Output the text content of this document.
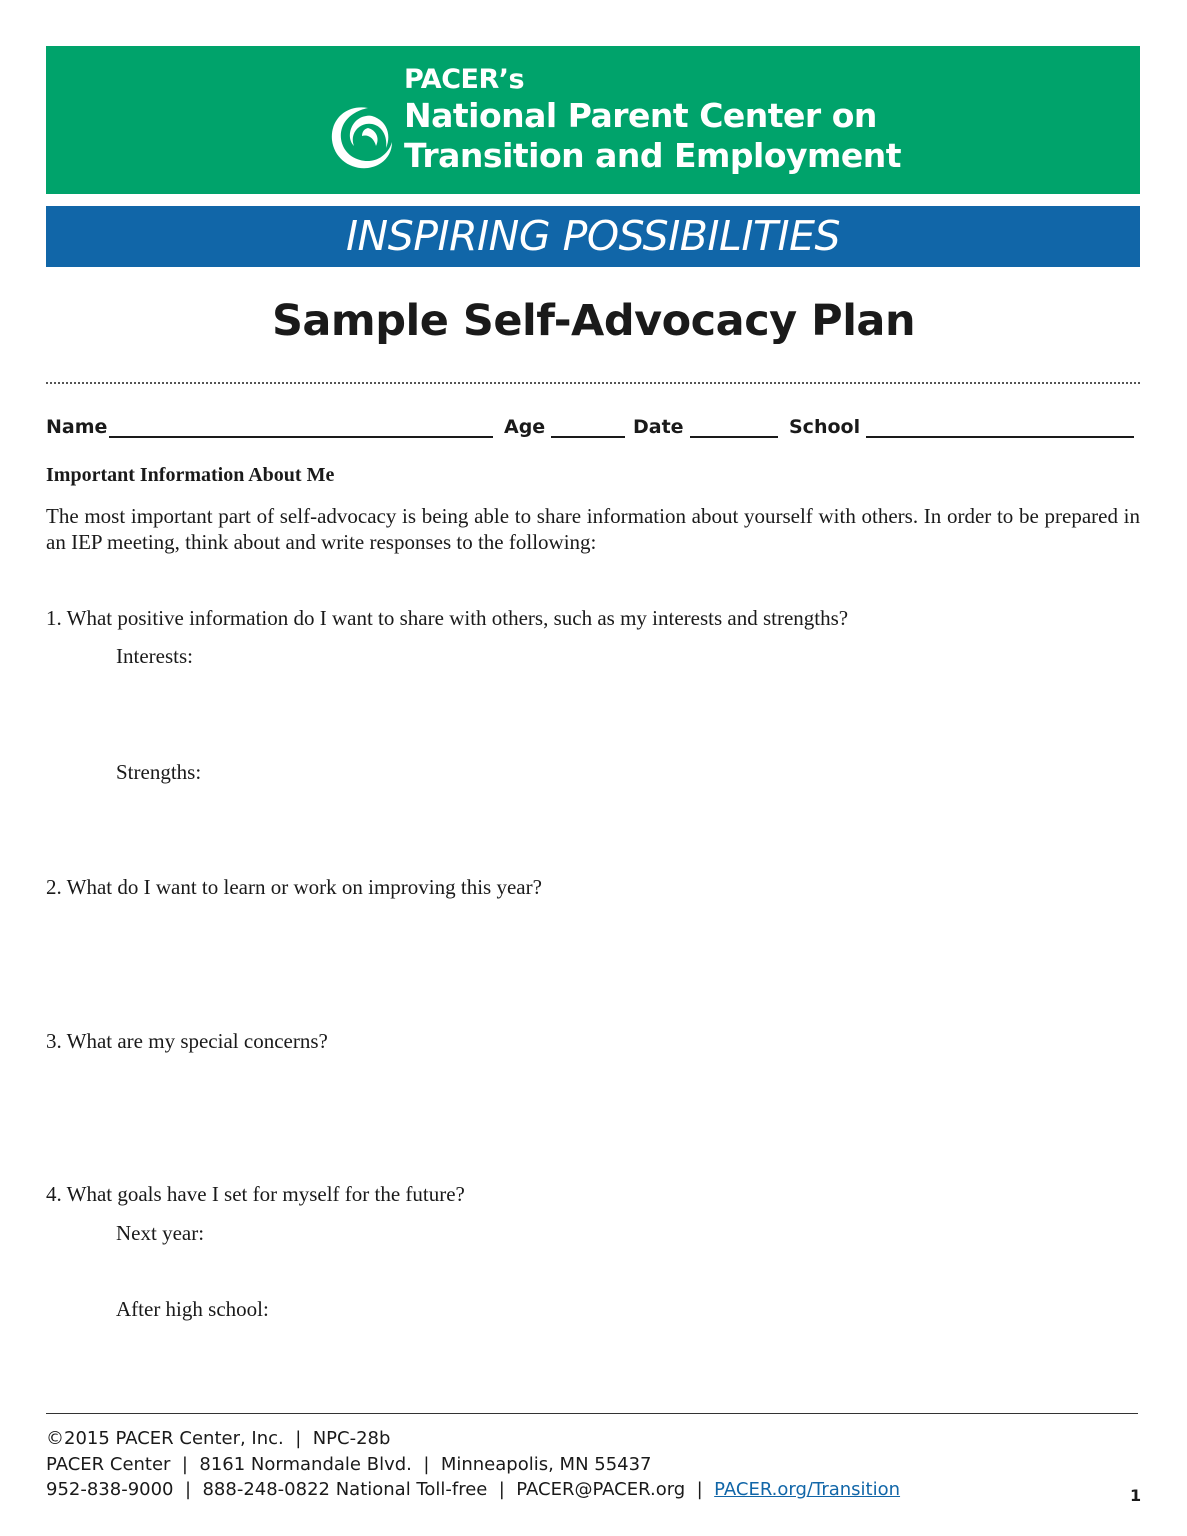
PACER’s
National Parent Center on
Transition and Employment
INSPIRING POSSIBILITIES
Sample Self-Advocacy Plan
Name	Age	Date	School
Important Information About Me

The most important part of self-advocacy is being able to share information about yourself with others. In order to be prepared in an IEP meeting, think about and write responses to the following:

1. What positive information do I want to share with others, such as my interests and strengths?
Interests:
Strengths:
2. What do I want to learn or work on improving this year?
3. What are my special concerns?
4. What goals have I set for myself for the future?
Next year:
After high school:
©2015 PACER Center, Inc.  |  NPC-28b
PACER Center  |  8161 Normandale Blvd.  |  Minneapolis, MN 55437
952-838-9000  |  888-248-0822 National Toll-free  |  PACER@PACER.org  |  PACER.org/Transition	1
